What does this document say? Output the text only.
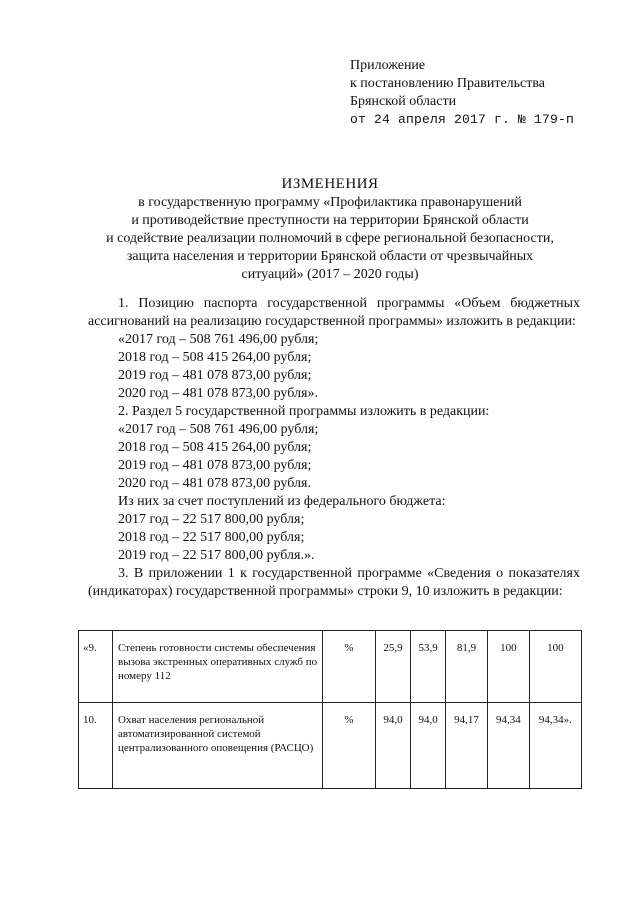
Приложение
к постановлению Правительства
Брянской области
от 24 апреля 2017 г. № 179-п
ИЗМЕНЕНИЯ
в государственную программу «Профилактика правонарушений
и противодействие преступности на территории Брянской области
и содействие реализации полномочий в сфере региональной безопасности,
защита населения и территории Брянской области от чрезвычайных
ситуаций» (2017 – 2020 годы)
1. Позицию паспорта государственной программы «Объем бюджетных ассигнований на реализацию государственной программы» изложить в редакции:
«2017 год – 508 761 496,00 рубля;
2018 год – 508 415 264,00 рубля;
2019 год – 481 078 873,00 рубля;
2020 год – 481 078 873,00 рубля».
2. Раздел 5 государственной программы изложить в редакции:
«2017 год – 508 761 496,00 рубля;
2018 год – 508 415 264,00 рубля;
2019 год – 481 078 873,00 рубля;
2020 год – 481 078 873,00 рубля.
Из них за счет поступлений из федерального бюджета:
2017 год – 22 517 800,00 рубля;
2018 год – 22 517 800,00 рубля;
2019 год – 22 517 800,00 рубля.».
3. В приложении 1 к государственной программе «Сведения о показателях (индикаторах) государственной программы» строки 9, 10 изложить в редакции:
«9.	Степень готовности системы обеспечения вызова экстренных оперативных служб по номеру 112	%	25,9	53,9	81,9	100	100
10.	Охват населения региональной автоматизированной системой централизованного оповещения (РАСЦО)	%	94,0	94,0	94,17	94,34	94,34».
